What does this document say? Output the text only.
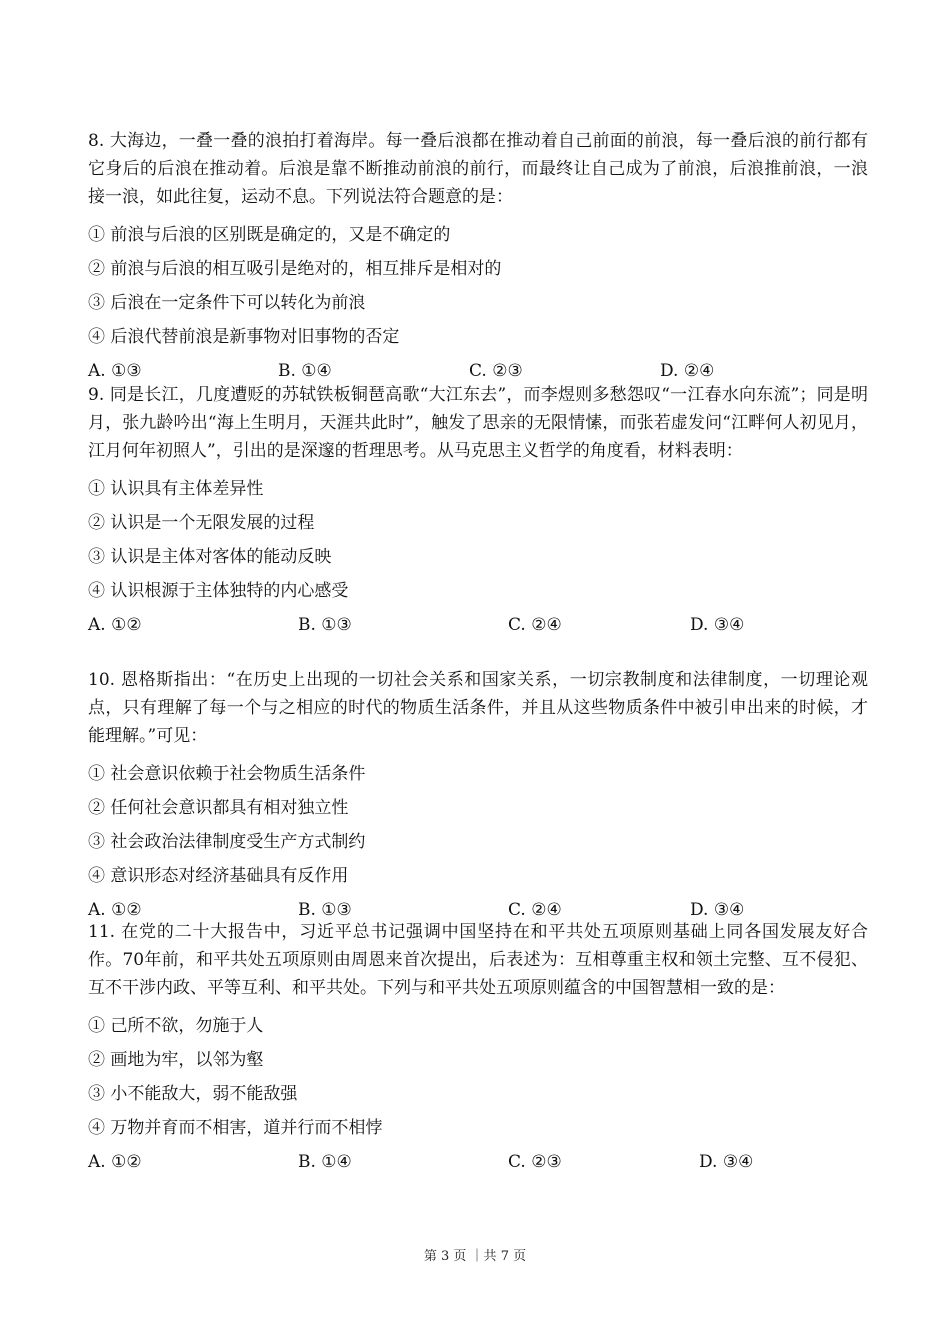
8. 大海边，一叠一叠的浪拍打着海岸。每一叠后浪都在推动着自己前面的前浪，每一叠后浪的前行都有它身后的后浪在推动着。后浪是靠不断推动前浪的前行，而最终让自己成为了前浪，后浪推前浪，一浪接一浪，如此往复，运动不息。下列说法符合题意的是：

① 前浪与后浪的区别既是确定的，又是不确定的
② 前浪与后浪的相互吸引是绝对的，相互排斥是相对的
③ 后浪在一定条件下可以转化为前浪
④ 后浪代替前浪是新事物对旧事物的否定
A. ①③	B. ①④	C. ②③	D. ②④

9. 同是长江，几度遭贬的苏轼铁板铜琶高歌“大江东去”，而李煜则多愁怨叹“一江春水向东流”；同是明月，张九龄吟出“海上生明月，天涯共此时”，触发了思亲的无限情愫，而张若虚发问“江畔何人初见月，江月何年初照人”，引出的是深邃的哲理思考。从马克思主义哲学的角度看，材料表明：

① 认识具有主体差异性
② 认识是一个无限发展的过程
③ 认识是主体对客体的能动反映
④ 认识根源于主体独特的内心感受
A. ①②	B. ①③	C. ②④	D. ③④

10. 恩格斯指出：“在历史上出现的一切社会关系和国家关系，一切宗教制度和法律制度，一切理论观点，只有理解了每一个与之相应的时代的物质生活条件，并且从这些物质条件中被引申出来的时候，才能理解。”可见：

① 社会意识依赖于社会物质生活条件
② 任何社会意识都具有相对独立性
③ 社会政治法律制度受生产方式制约
④ 意识形态对经济基础具有反作用
A. ①②	B. ①③	C. ②④	D. ③④

11. 在党的二十大报告中，习近平总书记强调中国坚持在和平共处五项原则基础上同各国发展友好合作。70年前，和平共处五项原则由周恩来首次提出，后表述为：互相尊重主权和领土完整、互不侵犯、互不干涉内政、平等互利、和平共处。下列与和平共处五项原则蕴含的中国智慧相一致的是：

① 己所不欲，勿施于人
② 画地为牢，以邻为壑
③ 小不能敌大，弱不能敌强
④ 万物并育而不相害，道并行而不相悖
A. ①②	B. ①④	C. ②③	D. ③④
第 3 页 ｜共 7 页
